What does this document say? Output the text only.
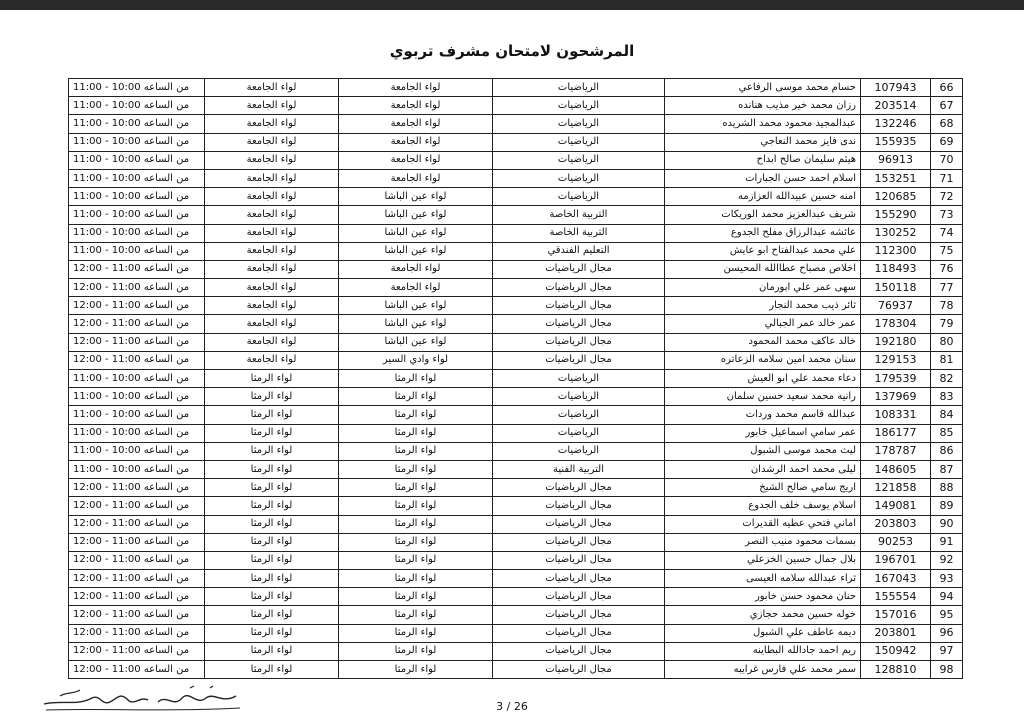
المرشحون لامتحان مشرف تربوي
66	107943	حسام محمد موسى الرفاعي	الرياضيات	لواء الجامعة	لواء الجامعة	من الساعه 10:00 - 11:00
67	203514	رزان محمد خير مذيب هنانده	الرياضيات	لواء الجامعة	لواء الجامعة	من الساعه 10:00 - 11:00
68	132246	عبدالمجيد محمود محمد الشريده	الرياضيات	لواء الجامعة	لواء الجامعة	من الساعه 10:00 - 11:00
69	155935	ندى فايز محمد النعاجي	الرياضيات	لواء الجامعة	لواء الجامعة	من الساعه 10:00 - 11:00
70	96913	هيثم سليمان صالح ابداح	الرياضيات	لواء الجامعة	لواء الجامعة	من الساعه 10:00 - 11:00
71	153251	اسلام احمد حسن الجبارات	الرياضيات	لواء الجامعة	لواء الجامعة	من الساعه 10:00 - 11:00
72	120685	امنه حسين عبيدالله العزازمه	الرياضيات	لواء عين الباشا	لواء الجامعة	من الساعه 10:00 - 11:00
73	155290	شريف عبدالعزيز محمد الوريكات	التربية الخاصة	لواء عين الباشا	لواء الجامعة	من الساعه 10:00 - 11:00
74	130252	عائشه عبدالرزاق مفلح الجدوع	التربية الخاصة	لواء عين الباشا	لواء الجامعة	من الساعه 10:00 - 11:00
75	112300	علي محمد عبدالفتاح ابو عايش	التعليم الفندقي	لواء عين الباشا	لواء الجامعة	من الساعه 10:00 - 11:00
76	118493	اخلاص مصباح عطاالله المحيسن	مجال الرياضيات	لواء الجامعة	لواء الجامعة	من الساعه 11:00 - 12:00
77	150118	سهى عمر علي ابورمان	مجال الرياضيات	لواء الجامعة	لواء الجامعة	من الساعه 11:00 - 12:00
78	76937	ثائر ذيب محمد النجار	مجال الرياضيات	لواء عين الباشا	لواء الجامعة	من الساعه 11:00 - 12:00
79	178304	عمر خالد عمر الجبالي	مجال الرياضيات	لواء عين الباشا	لواء الجامعة	من الساعه 11:00 - 12:00
80	192180	خالد عاكف محمد المحمود	مجال الرياضيات	لواء عين الباشا	لواء الجامعة	من الساعه 11:00 - 12:00
81	129153	سنان محمد امين سلامه الزعاتره	مجال الرياضيات	لواء وادي السير	لواء الجامعة	من الساعه 11:00 - 12:00
82	179539	دعاء محمد علي ابو العيش	الرياضيات	لواء الرمثا	لواء الرمثا	من الساعه 10:00 - 11:00
83	137969	رانيه محمد سعيد حسين سلمان	الرياضيات	لواء الرمثا	لواء الرمثا	من الساعه 10:00 - 11:00
84	108331	عبدالله قاسم محمد وردات	الرياضيات	لواء الرمثا	لواء الرمثا	من الساعه 10:00 - 11:00
85	186177	عمر سامي اسماعيل خابور	الرياضيات	لواء الرمثا	لواء الرمثا	من الساعه 10:00 - 11:00
86	178787	ليث محمد موسى الشبول	الرياضيات	لواء الرمثا	لواء الرمثا	من الساعه 10:00 - 11:00
87	148605	ليلى محمد احمد الرشدان	التربية الفنية	لواء الرمثا	لواء الرمثا	من الساعه 10:00 - 11:00
88	121858	اريج سامي صالح الشيخ	مجال الرياضيات	لواء الرمثا	لواء الرمثا	من الساعه 11:00 - 12:00
89	149081	اسلام يوسف خلف الجدوع	مجال الرياضيات	لواء الرمثا	لواء الرمثا	من الساعه 11:00 - 12:00
90	203803	اماني فتحي عطيه القديرات	مجال الرياضيات	لواء الرمثا	لواء الرمثا	من الساعه 11:00 - 12:00
91	90253	بسمات محمود منيب النصر	مجال الرياضيات	لواء الرمثا	لواء الرمثا	من الساعه 11:00 - 12:00
92	196701	بلال جمال حسين الخزعلي	مجال الرياضيات	لواء الرمثا	لواء الرمثا	من الساعه 11:00 - 12:00
93	167043	ثراء عبدالله سلامه العيسى	مجال الرياضيات	لواء الرمثا	لواء الرمثا	من الساعه 11:00 - 12:00
94	155554	حنان محمود حسن خابور	مجال الرياضيات	لواء الرمثا	لواء الرمثا	من الساعه 11:00 - 12:00
95	157016	خوله حسين محمد حجازي	مجال الرياضيات	لواء الرمثا	لواء الرمثا	من الساعه 11:00 - 12:00
96	203801	ديمه عاطف علي الشبول	مجال الرياضيات	لواء الرمثا	لواء الرمثا	من الساعه 11:00 - 12:00
97	150942	ريم احمد جادالله البطاينه	مجال الرياضيات	لواء الرمثا	لواء الرمثا	من الساعه 11:00 - 12:00
98	128810	سمر محمد علي فارس غرايبه	مجال الرياضيات	لواء الرمثا	لواء الرمثا	من الساعه 11:00 - 12:00
3 / 26
